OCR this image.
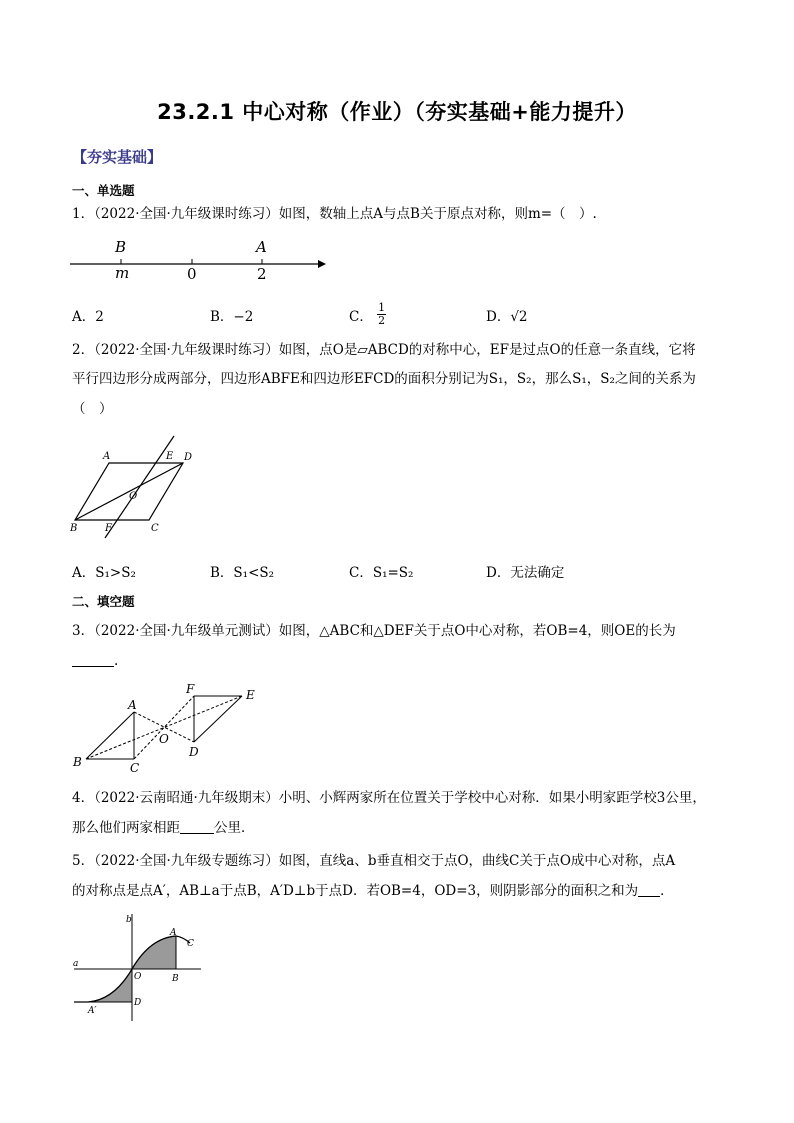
23.2.1 中心对称（作业）（夯实基础+能力提升）
【夯实基础】
一、单选题
1．（2022·全国·九年级课时练习）如图，数轴上点A与点B关于原点对称，则m=（　）.
B	A
m	0	2
A．2	B．−2	C． $\frac{1}{2}$	D．√2
2．（2022·全国·九年级课时练习）如图，点O是▱ABCD的对称中心，EF是过点O的任意一条直线，它将
平行四边形分成两部分，四边形ABFE和四边形EFCD的面积分别记为S₁，S₂，那么S₁，S₂之间的关系为
（　）
A	E D
O
B	F	C
A．S₁>S₂	B．S₁<S₂	C．S₁=S₂	D．无法确定
二、填空题
3．（2022·全国·九年级单元测试）如图，△ABC和△DEF关于点O中心对称，若OB=4，则OE的长为
.
A
B	C
O
F	E
D
4．（2022·云南昭通·九年级期末）小明、小辉两家所在位置关于学校中心对称．如果小明家距学校3公里，
那么他们两家相距	公里．
5．（2022·全国·九年级专题练习）如图，直线a、b垂直相交于点O，曲线C关于点O成中心对称，点A
的对称点是点A′，AB⊥a于点B，A′D⊥b于点D．若OB=4，OD=3，则阴影部分的面积之和为 ．
b
a
A
C
O	B
D
A′
